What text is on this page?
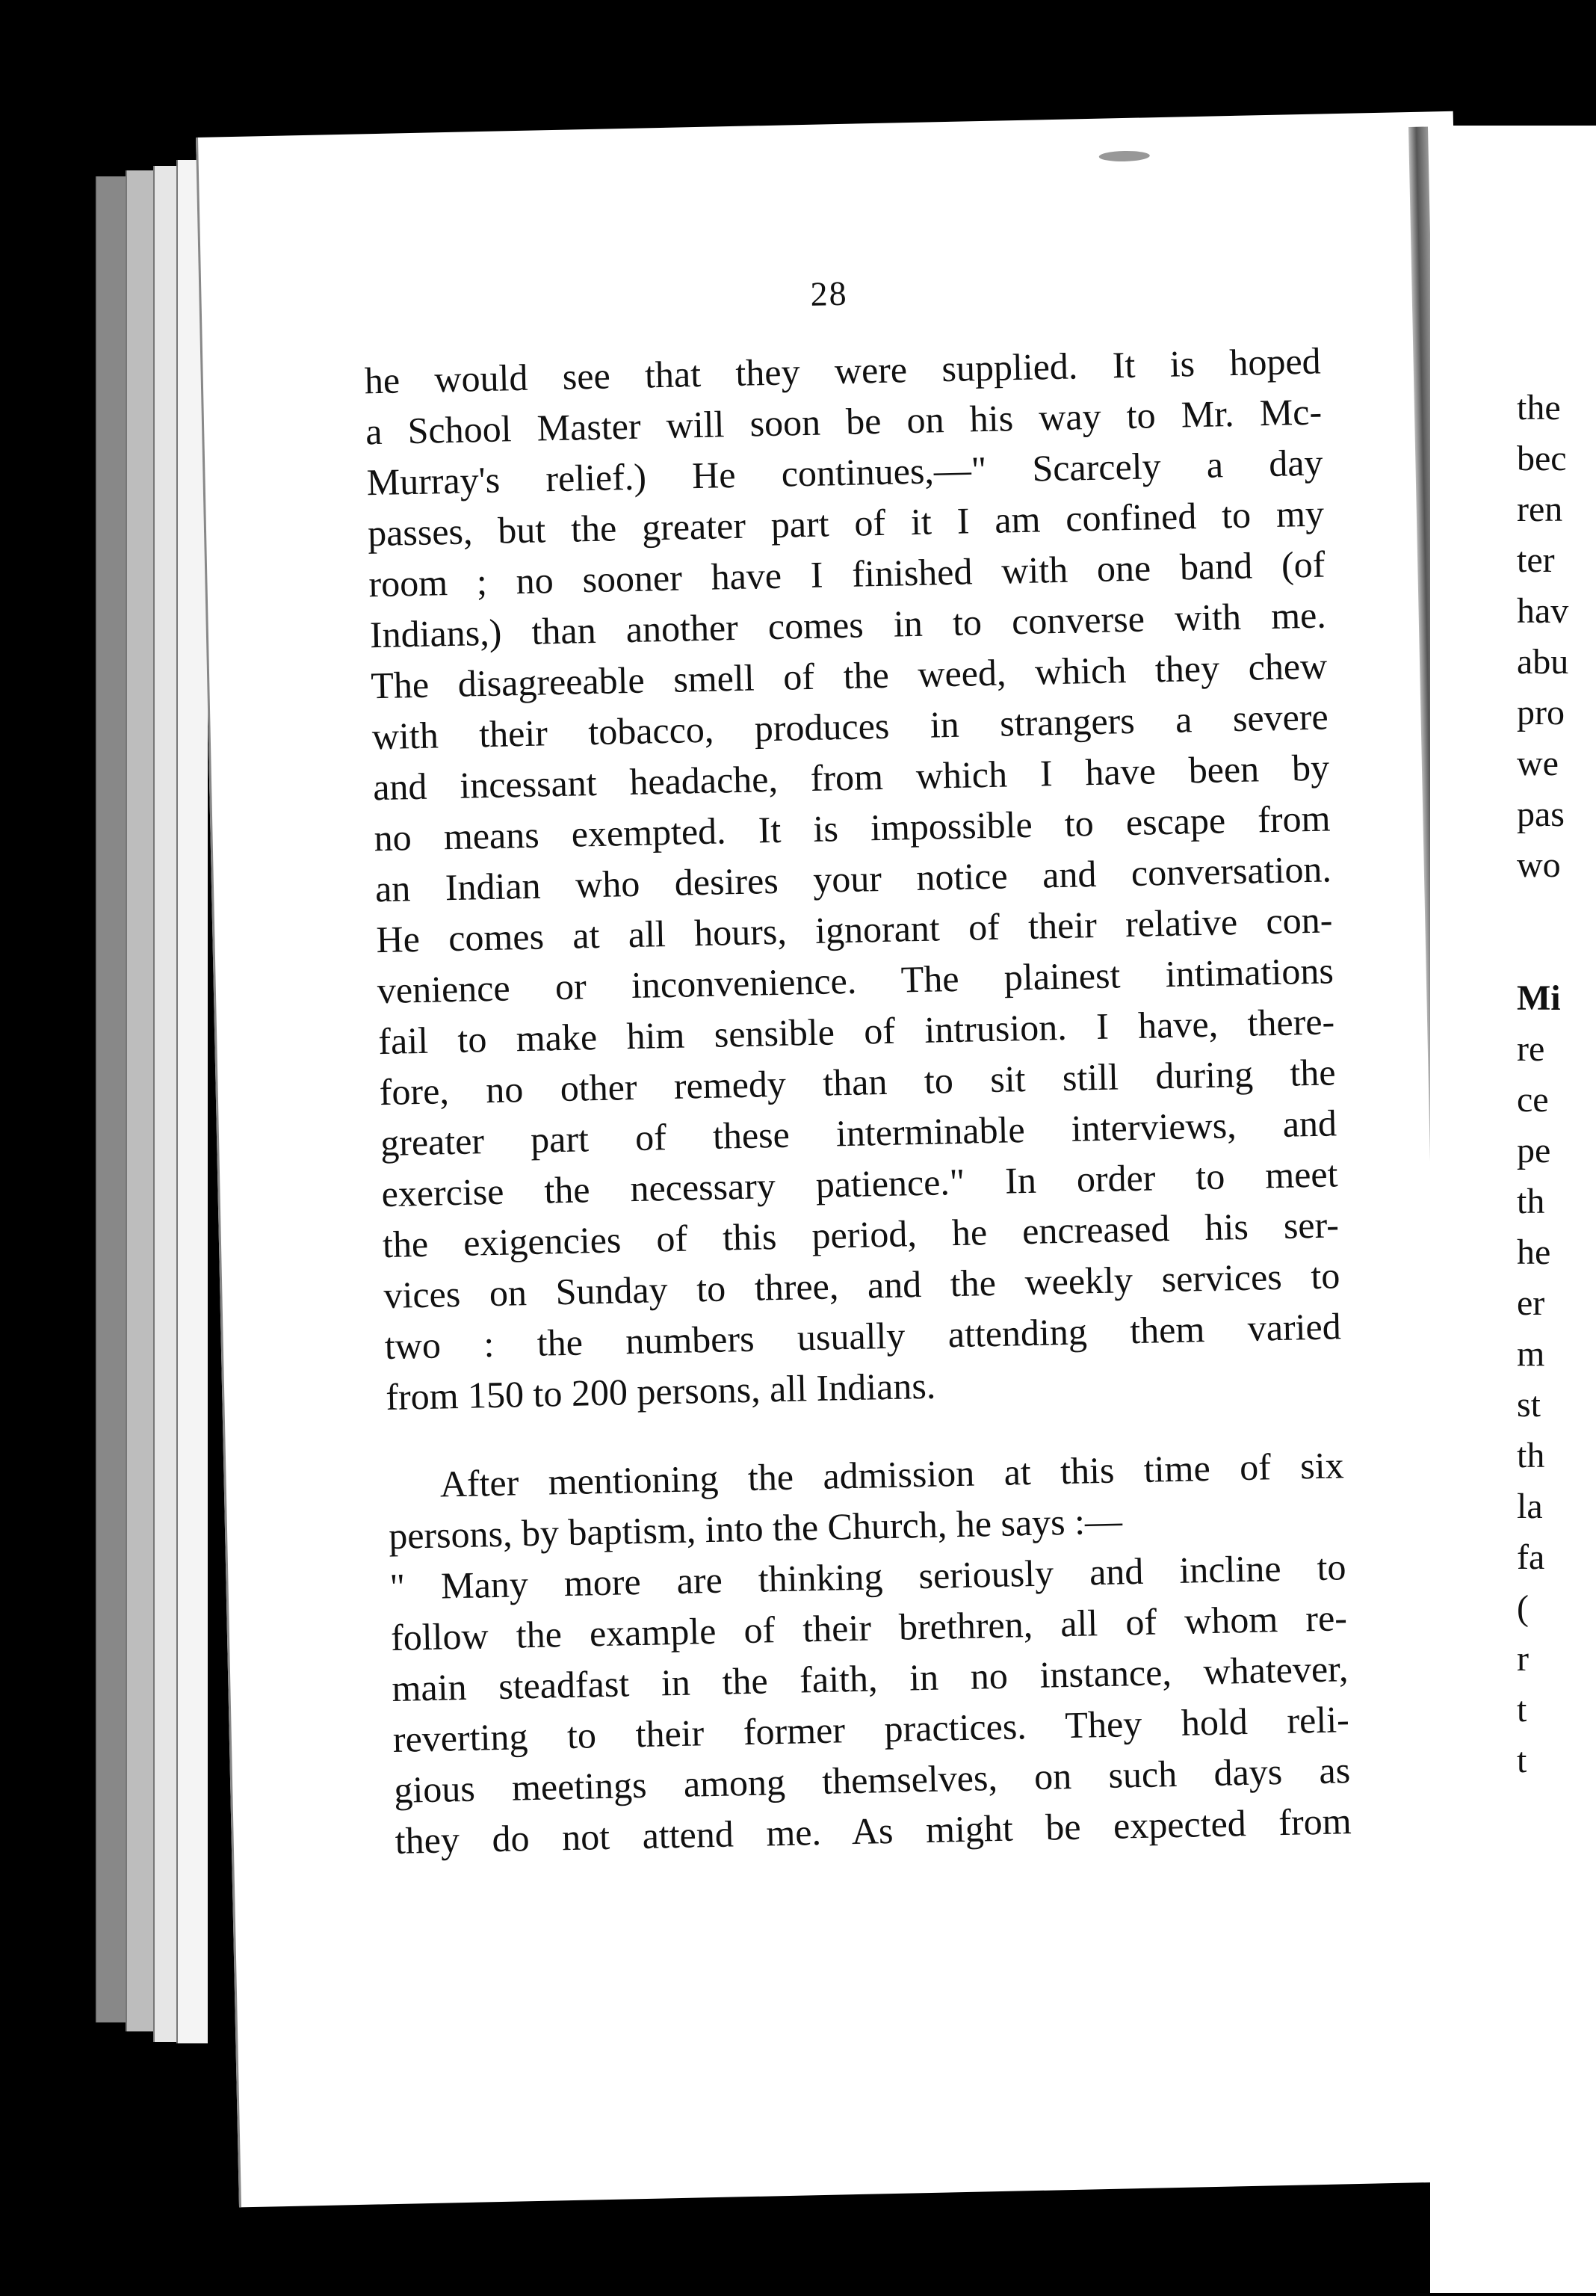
28
he would see that they were supplied. It is hoped
a School Master will soon be on his way to Mr. Mc-
Murray's relief.) He continues,—" Scarcely a day
passes, but the greater part of it I am confined to my
room ; no sooner have I finished with one band (of
Indians,) than another comes in to converse with me.
The disagreeable smell of the weed, which they chew
with their tobacco, produces in strangers a severe
and incessant headache, from which I have been by
no means exempted. It is impossible to escape from
an Indian who desires your notice and conversation.
He comes at all hours, ignorant of their relative con-
venience or inconvenience. The plainest intimations
fail to make him sensible of intrusion. I have, there-
fore, no other remedy than to sit still during the
greater part of these interminable interviews, and
exercise the necessary patience." In order to meet
the exigencies of this period, he encreased his ser-
vices on Sunday to three, and the weekly services to
two : the numbers usually attending them varied
from 150 to 200 persons, all Indians.
After mentioning the admission at this time of six
persons, by baptism, into the Church, he says :—
" Many more are thinking seriously and incline to
follow the example of their brethren, all of whom re-
main steadfast in the faith, in no instance, whatever,
reverting to their former practices. They hold reli-
gious meetings among themselves, on such days as
they do not attend me. As might be expected from
the
bec
ren
ter
hav
abu
pro
we
pas
wo
Mi
re
ce
pe
th
he
er
m
st
th
la
fa
(
r
t
t
